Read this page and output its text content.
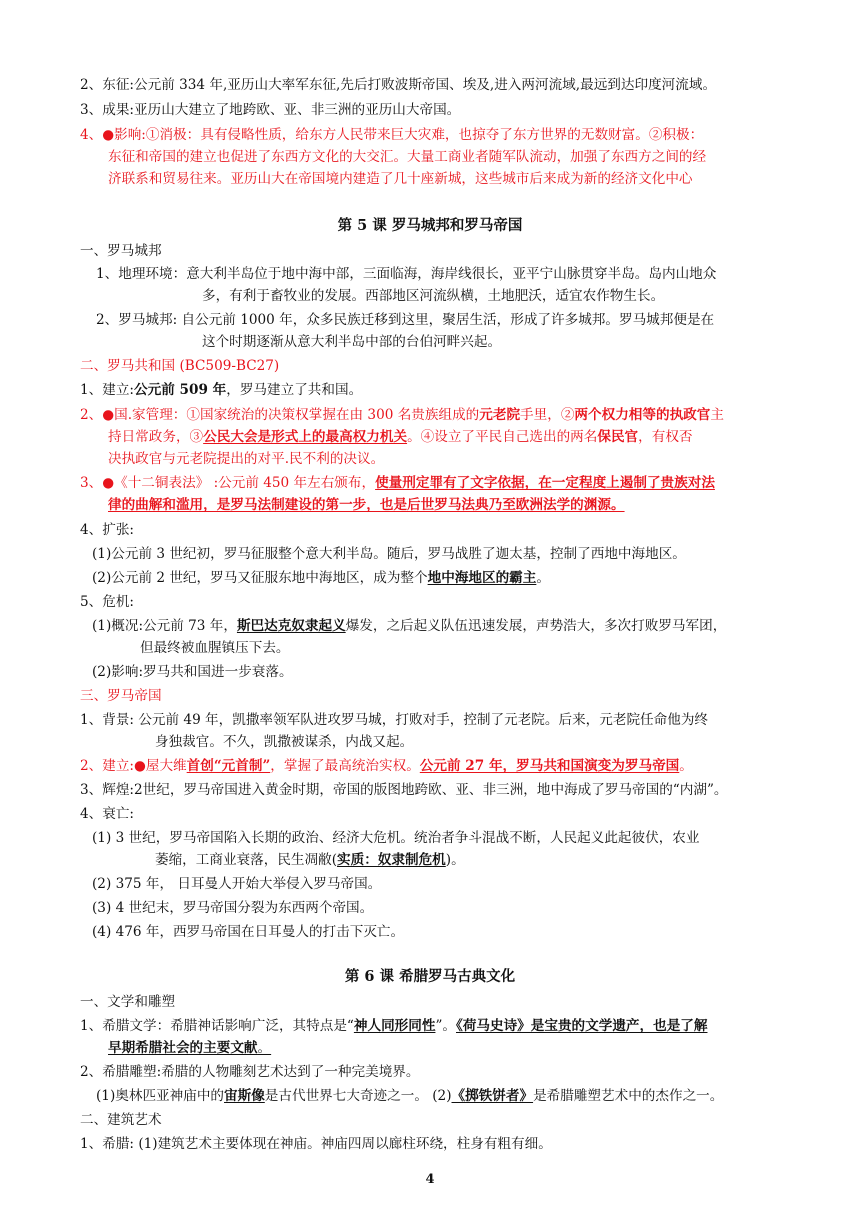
2、东征:公元前 334 年,亚历山大率军东征,先后打败波斯帝国、埃及,进入两河流域,最远到达印度河流域。
3、成果:亚历山大建立了地跨欧、亚、非三洲的亚历山大帝国。
4、●影响:①消极：具有侵略性质，给东方人民带来巨大灾难，也掠夺了东方世界的无数财富。②积极：
东征和帝国的建立也促进了东西方文化的大交汇。大量工商业者随军队流动，加强了东西方之间的经
济联系和贸易往来。亚历山大在帝国境内建造了几十座新城，这些城市后来成为新的经济文化中心
第 5 课 罗马城邦和罗马帝国
一、罗马城邦
1、地理环境：意大利半岛位于地中海中部，三面临海，海岸线很长，亚平宁山脉贯穿半岛。岛内山地众
多，有利于畜牧业的发展。西部地区河流纵横，土地肥沃，适宜农作物生长。
2、罗马城邦: 自公元前 1000 年，众多民族迁移到这里，聚居生活，形成了许多城邦。罗马城邦便是在
这个时期逐渐从意大利半岛中部的台伯河畔兴起。
二、罗马共和国 (BC509-BC27)
1、建立:公元前 509 年，罗马建立了共和国。
2、●国.家管理：①国家统治的决策权掌握在由 300 名贵族组成的元老院手里，②两个权力相等的执政官主
持日常政务，③公民大会是形式上的最高权力机关。④设立了平民自己选出的两名保民官，有权否
决执政官与元老院提出的对平.民不利的决议。
3、●《十二铜表法》 :公元前 450 年左右颁布，使量刑定罪有了文字依据，在一定程度上遏制了贵族对法
律的曲解和滥用，是罗马法制建设的第一步，也是后世罗马法典乃至欧洲法学的渊源。
4、扩张:
(1)公元前 3 世纪初，罗马征服整个意大利半岛。随后，罗马战胜了迦太基，控制了西地中海地区。
(2)公元前 2 世纪，罗马又征服东地中海地区，成为整个地中海地区的霸主。
5、危机:
(1)概况:公元前 73 年，斯巴达克奴隶起义爆发，之后起义队伍迅速发展，声势浩大，多次打败罗马军团，
但最终被血腥镇压下去。
(2)影响:罗马共和国进一步衰落。
三、罗马帝国
1、背景: 公元前 49 年，凯撒率领军队进攻罗马城，打败对手，控制了元老院。后来，元老院任命他为终
身独裁官。不久，凯撒被谋杀，内战又起。
2、建立:●屋大维首创“元首制”，掌握了最高统治实权。公元前 27 年，罗马共和国演变为罗马帝国。
3、辉煌:2世纪，罗马帝国进入黄金时期，帝国的版图地跨欧、亚、非三洲，地中海成了罗马帝国的“内湖”。
4、衰亡:
(1) 3 世纪，罗马帝国陷入长期的政治、经济大危机。统治者争斗混战不断，人民起义此起彼伏，农业
萎缩，工商业衰落，民生凋敝(实质：奴隶制危机)。
(2) 375 年， 日耳曼人开始大举侵入罗马帝国。
(3) 4 世纪末，罗马帝国分裂为东西两个帝国。
(4) 476 年，西罗马帝国在日耳曼人的打击下灭亡。
第 6 课 希腊罗马古典文化
一、文学和雕塑
1、希腊文学：希腊神话影响广泛，其特点是“神人同形同性”。《荷马史诗》是宝贵的文学遗产，也是了解
早期希腊社会的主要文献。
2、希腊雕塑:希腊的人物雕刻艺术达到了一种完美境界。
(1)奥林匹亚神庙中的宙斯像是古代世界七大奇迹之一。 (2)《掷铁饼者》是希腊雕塑艺术中的杰作之一。
二、建筑艺术
1、希腊: (1)建筑艺术主要体现在神庙。神庙四周以廊柱环绕，柱身有粗有细。
4
